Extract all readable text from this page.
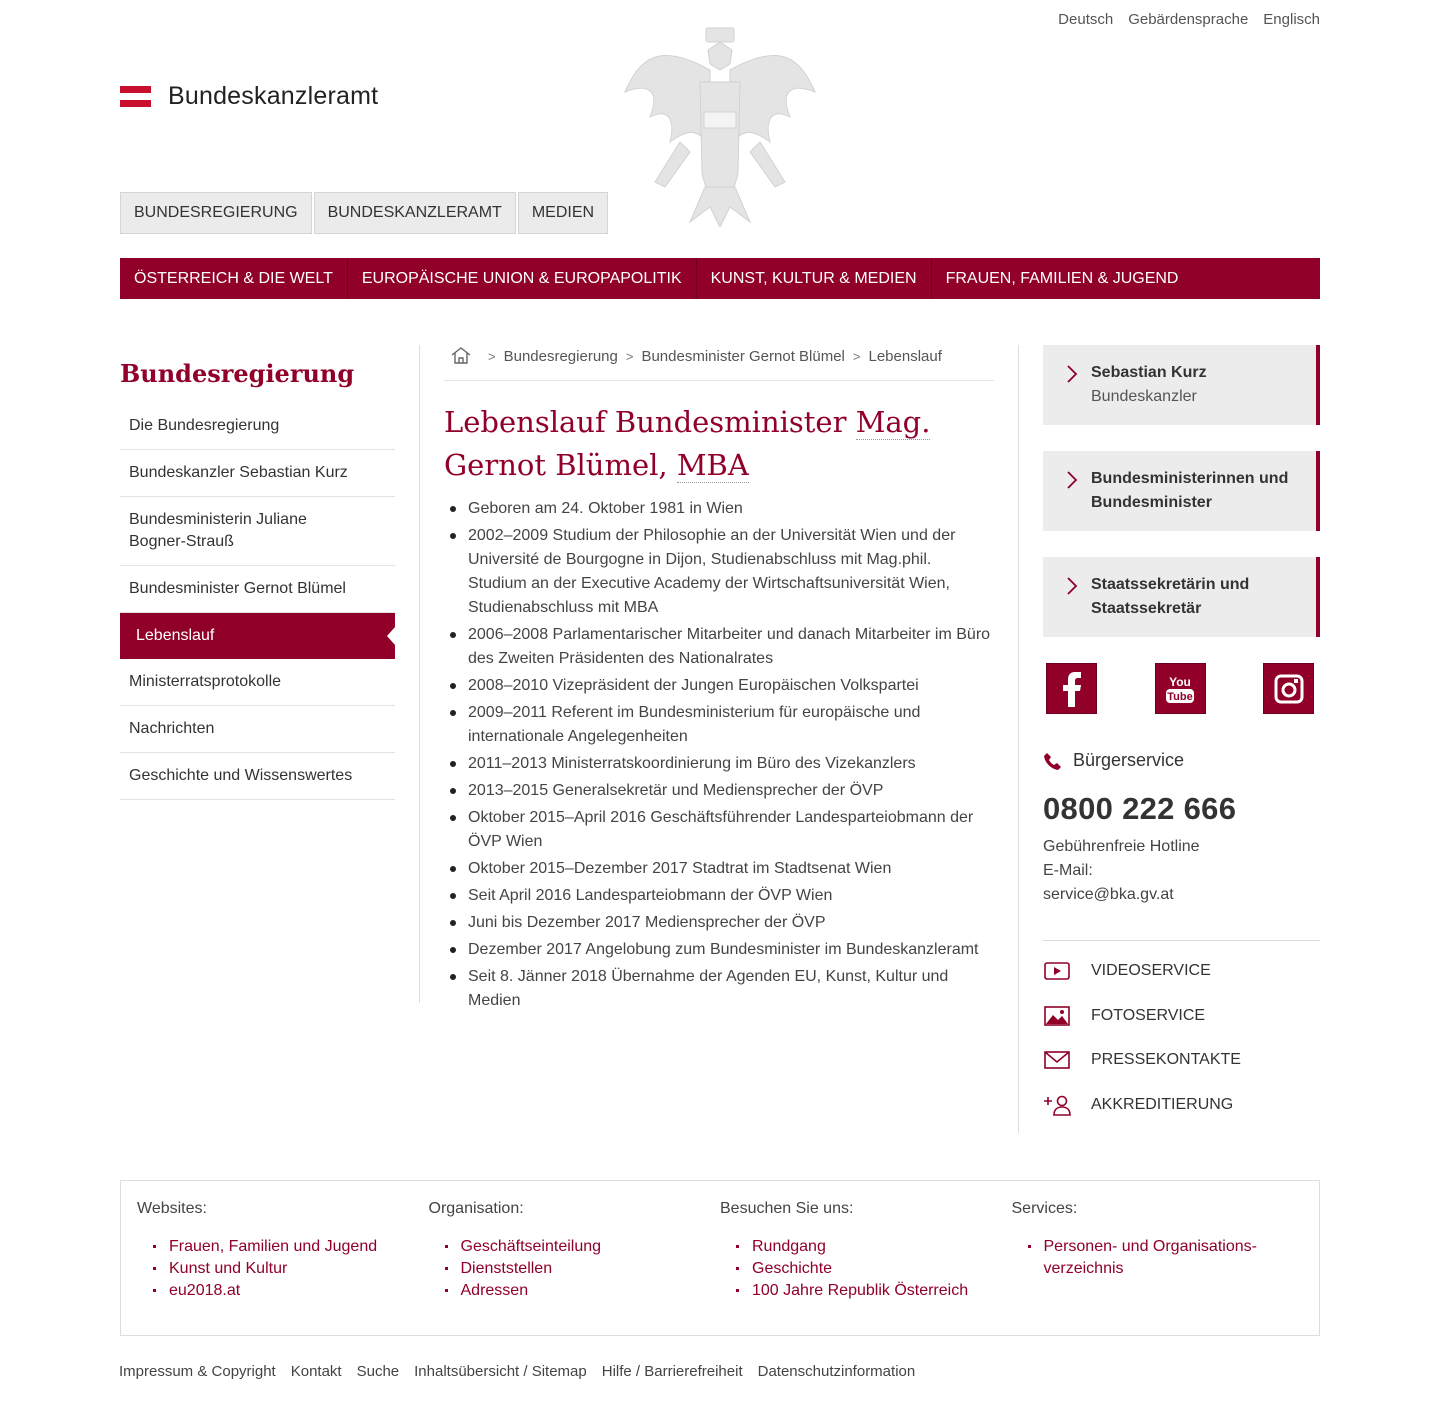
Deutsch Gebärdensprache Englisch
Bundeskanzleramt
BUNDESREGIERUNG	BUNDESKANZLERAMT	MEDIEN
ÖSTERREICH & DIE WELT	EUROPÄISCHE UNION & EUROPAPOLITIK	KUNST, KULTUR & MEDIEN	FRAUEN, FAMILIEN & JUGEND
Bundesregierung
Die Bundesregierung
Bundeskanzler Sebastian Kurz
Bundesministerin Juliane Bogner-Strauß
Bundesminister Gernot Blümel
Lebenslauf
Ministerratsprotokolle
Nachrichten
Geschichte und Wissenswertes
> Bundesregierung > Bundesminister Gernot Blümel > Lebenslauf
Lebenslauf Bundesminister Mag.
Gernot Blümel, MBA
Geboren am 24. Oktober 1981 in Wien
2002–2009 Studium der Philosophie an der Universität Wien und der Université de Bourgogne in Dijon, Studienabschluss mit Mag.phil. Studium an der Executive Academy der Wirtschaftsuniversität Wien, Studienabschluss mit MBA
2006–2008 Parlamentarischer Mitarbeiter und danach Mitarbeiter im Büro des Zweiten Präsidenten des Nationalrates
2008–2010 Vizepräsident der Jungen Europäischen Volkspartei
2009–2011 Referent im Bundesministerium für europäische und internationale Angelegenheiten
2011–2013 Ministerratskoordinierung im Büro des Vizekanzlers
2013–2015 Generalsekretär und Mediensprecher der ÖVP
Oktober 2015–April 2016 Geschäftsführender Landesparteiobmann der ÖVP Wien
Oktober 2015–Dezember 2017 Stadtrat im Stadtsenat Wien
Seit April 2016 Landesparteiobmann der ÖVP Wien
Juni bis Dezember 2017 Mediensprecher der ÖVP
Dezember 2017 Angelobung zum Bundesminister im Bundeskanzleramt
Seit 8. Jänner 2018 Übernahme der Agenden EU, Kunst, Kultur und Medien
Sebastian Kurz
Bundeskanzler
Bundesministerinnen und Bundesminister
Staatssekretärin und Staatssekretär
You
Tube
Bürgerservice
0800 222 666
Gebührenfreie Hotline
E-Mail:
service@bka.gv.at
VIDEOSERVICE
FOTOSERVICE
PRESSEKONTAKTE
AKKREDITIERUNG
Websites:
Frauen, Familien und Jugend
Kunst und Kultur
eu2018.at
Organisation:
Geschäftseinteilung
Dienststellen
Adressen
Besuchen Sie uns:
Rundgang
Geschichte
100 Jahre Republik Österreich
Services:
Personen- und Organisations-verzeichnis
Impressum & Copyright Kontakt Suche Inhaltsübersicht / Sitemap Hilfe / Barrierefreiheit Datenschutzinformation
